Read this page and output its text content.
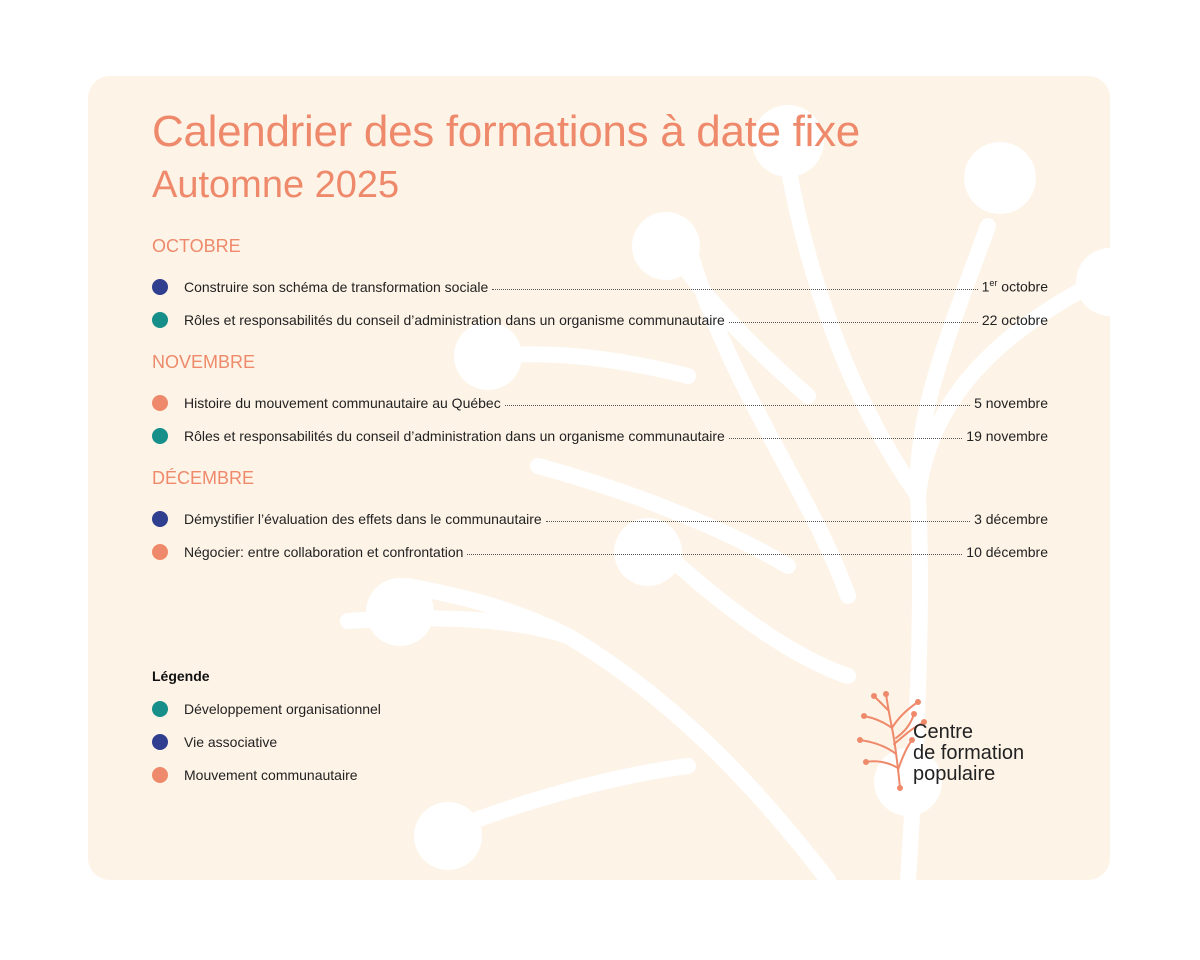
Calendrier des formations à date fixe
Automne 2025
OCTOBRE
Construire son schéma de transformation sociale	1er octobre
Rôles et responsabilités du conseil d’administration dans un organisme communautaire	22 octobre
NOVEMBRE
Histoire du mouvement communautaire au Québec	5 novembre
Rôles et responsabilités du conseil d’administration dans un organisme communautaire	19 novembre
DÉCEMBRE
Démystifier l’évaluation des effets dans le communautaire	3 décembre
Négocier: entre collaboration et confrontation	10 décembre
Légende
Développement organisationnel
Vie associative
Mouvement communautaire
Centre
de formation
populaire
